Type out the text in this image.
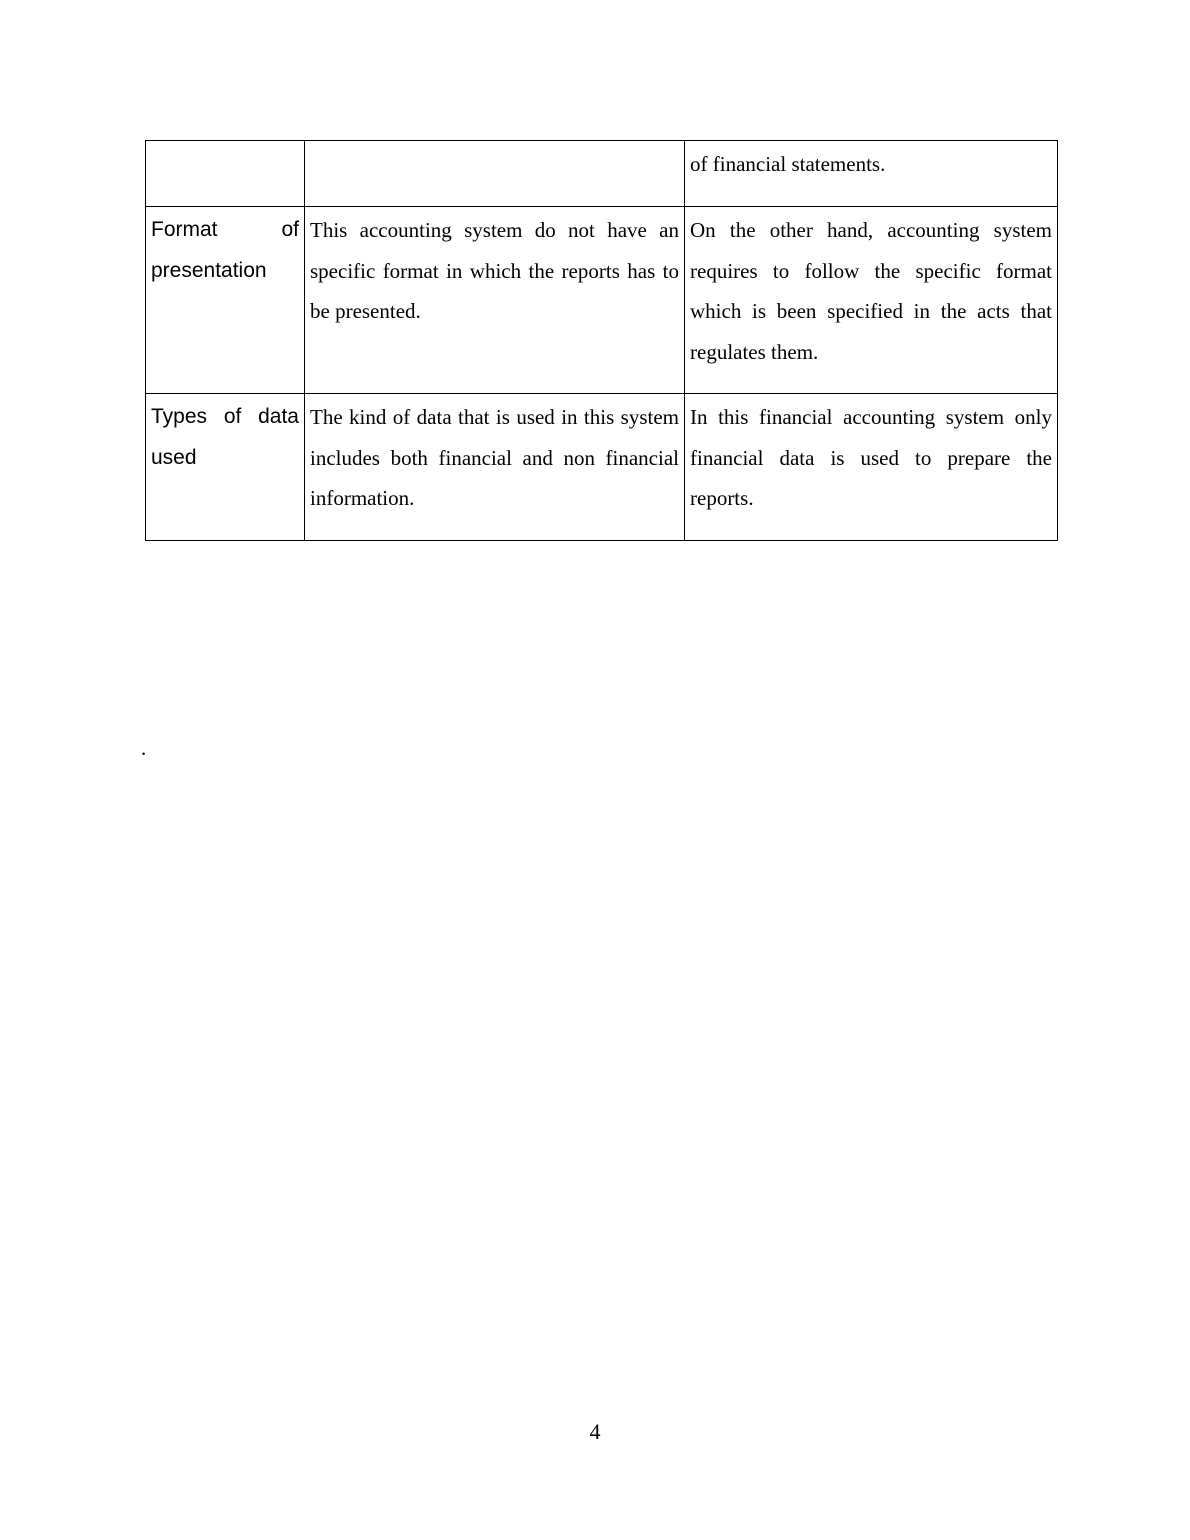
		of financial statements.
Format of presentation	This accounting system do not have an specific format in which the reports has to be presented.	On the other hand, accounting system requires to follow the specific format which is been specified in the acts that regulates them.
Types of data used	The kind of data that is used in this system includes both financial and non financial information.	In this financial accounting system only financial data is used to prepare the reports.
.
4
